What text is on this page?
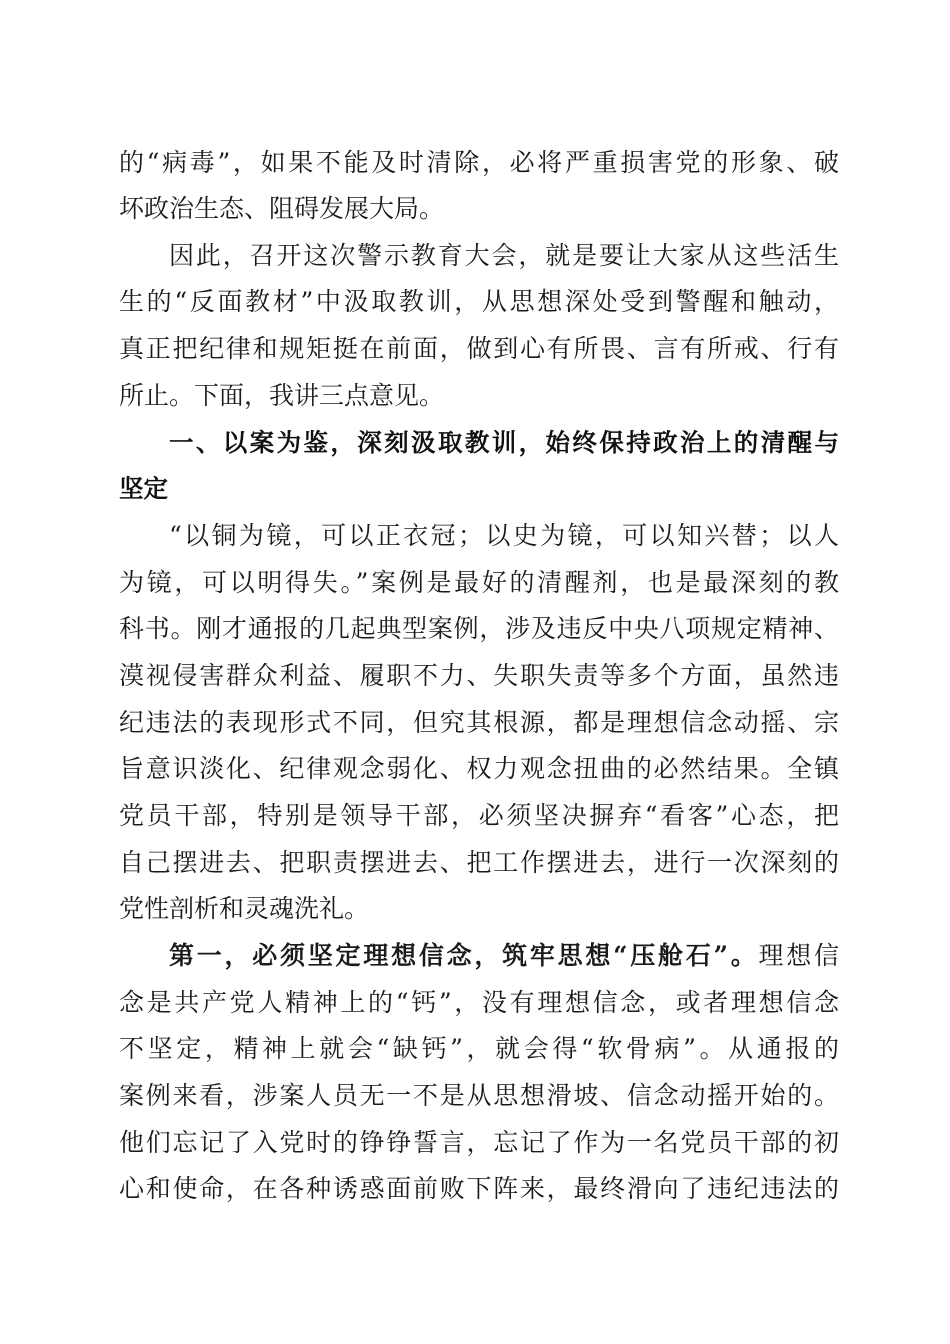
的“病毒”，如果不能及时清除，必将严重损害党的形象、破

坏政治生态、阻碍发展大局。

因此，召开这次警示教育大会，就是要让大家从这些活生

生的“反面教材”中汲取教训，从思想深处受到警醒和触动，

真正把纪律和规矩挺在前面，做到心有所畏、言有所戒、行有

所止。下面，我讲三点意见。

一、以案为鉴，深刻汲取教训，始终保持政治上的清醒与

坚定

“以铜为镜，可以正衣冠；以史为镜，可以知兴替；以人

为镜，可以明得失。”案例是最好的清醒剂，也是最深刻的教

科书。刚才通报的几起典型案例，涉及违反中央八项规定精神、

漠视侵害群众利益、履职不力、失职失责等多个方面，虽然违

纪违法的表现形式不同，但究其根源，都是理想信念动摇、宗

旨意识淡化、纪律观念弱化、权力观念扭曲的必然结果。全镇

党员干部，特别是领导干部，必须坚决摒弃“看客”心态，把

自己摆进去、把职责摆进去、把工作摆进去，进行一次深刻的

党性剖析和灵魂洗礼。

第一，必须坚定理想信念，筑牢思想“压舱石”。理想信

念是共产党人精神上的“钙”，没有理想信念，或者理想信念

不坚定，精神上就会“缺钙”，就会得“软骨病”。从通报的

案例来看，涉案人员无一不是从思想滑坡、信念动摇开始的。

他们忘记了入党时的铮铮誓言，忘记了作为一名党员干部的初

心和使命，在各种诱惑面前败下阵来，最终滑向了违纪违法的
